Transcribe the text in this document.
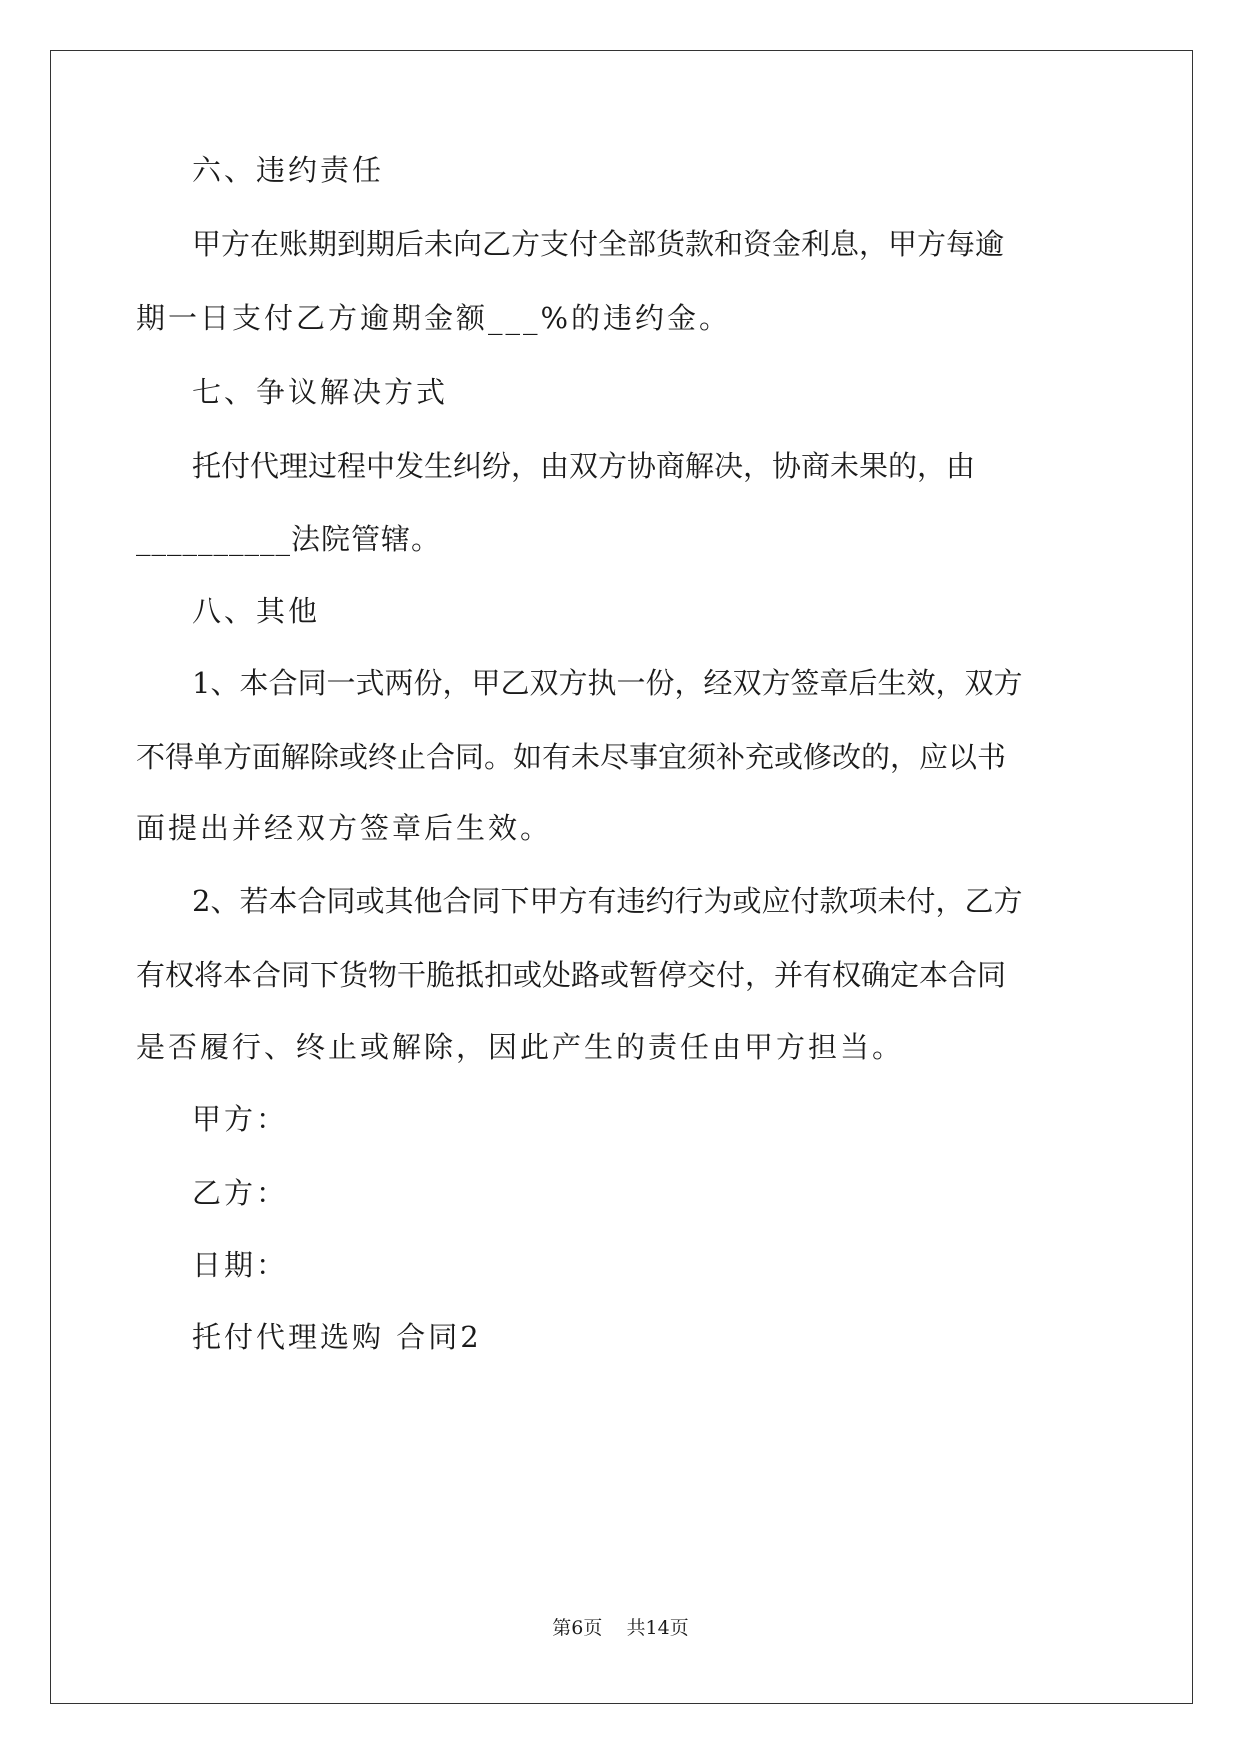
六、违约责任
甲方在账期到期后未向乙方支付全部货款和资金利息，甲方每逾
期一日支付乙方逾期金额___%的违约金。
七、争议解决方式
托付代理过程中发生纠纷，由双方协商解决，协商未果的，由
__________法院管辖。
八、其他
1、本合同一式两份，甲乙双方执一份，经双方签章后生效，双方
不得单方面解除或终止合同。如有未尽事宜须补充或修改的，应以书
面提出并经双方签章后生效。
2、若本合同或其他合同下甲方有违约行为或应付款项未付，乙方
有权将本合同下货物干脆抵扣或处路或暂停交付，并有权确定本合同
是否履行、终止或解除，因此产生的责任由甲方担当。
甲方：
乙方：
日期：
托付代理选购 合同2
第6页 共14页
